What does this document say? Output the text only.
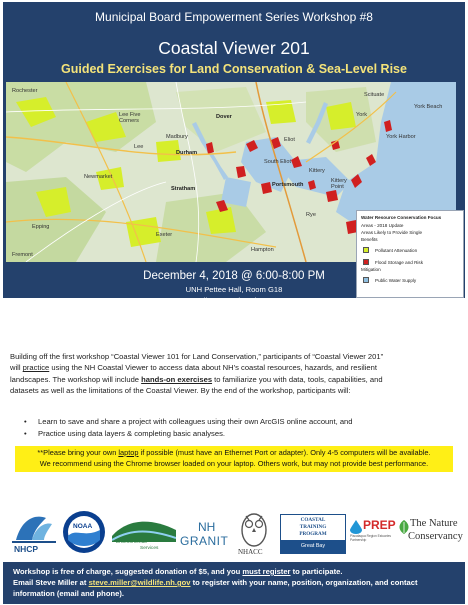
Municipal Board Empowerment Series Workshop #8
Coastal Viewer 201
Guided Exercises for Land Conservation & Sea-Level Rise
Rochester
Lee Five
Corners
Dover
Madbury
Lee
Durham
South Eliot
Eliot
Kittery
Kittery
Point
York
York Harbor
York Beach
Scituate
Portsmouth
Stratham
Newmarket
Epping
Fremont
Exeter
Hampton
Rye	Water Resource Conservation Focus
Areas - 2018 Update
Areas Likely to Provide Single
Benefits
Pollutant Attenuation
Flood Storage and Risk
Mitigation
Public Water Supply
December 4, 2018 @ 6:00-8:00 PM
UNH Pettee Hall, Room G18
55 College Road Durham, NH
Refreshments and networking 5:30 PM Workshop starts promptly at 6:00 PM
Free parking is available at the Edgewood Road Visitor Lot, 5 Edgewood Road, Durham
Building off the first workshop “Coastal Viewer 101 for Land Conservation,” participants of “Coastal Viewer 201”
will practice using the NH Coastal Viewer to access data about NH’s coastal resources, hazards, and resilient
landscapes. The workshop will include hands-on exercises to familiarize you with data, tools, capabilities, and
datasets as well as the limitations of the Coastal Viewer. By the end of the workshop, participants will:
• Learn to save and share a project with colleagues using their own ArcGIS online account, and
• Practice using data layers & completing basic analyses.
**Please bring your own laptop if possible (must have an Ethernet Port or adapter). Only 4-5 computers will be available.
We recommend using the Chrome browser loaded on your laptop. Others work, but may not provide best performance.
NHCP
NOAA
Environmental
Services
NH
GRANIT
NHACC
COASTAL
TRAINING
PROGRAM
Great Bay
PREP
Piscataqua Region Estuaries Partnership
The Nature
Conservancy
Workshop is free of charge, suggested donation of $5, and you must register to participate.
Email Steve Miller at steve.miller@wildlife.nh.gov to register with your name, position, organization, and contact
information (email and phone).
